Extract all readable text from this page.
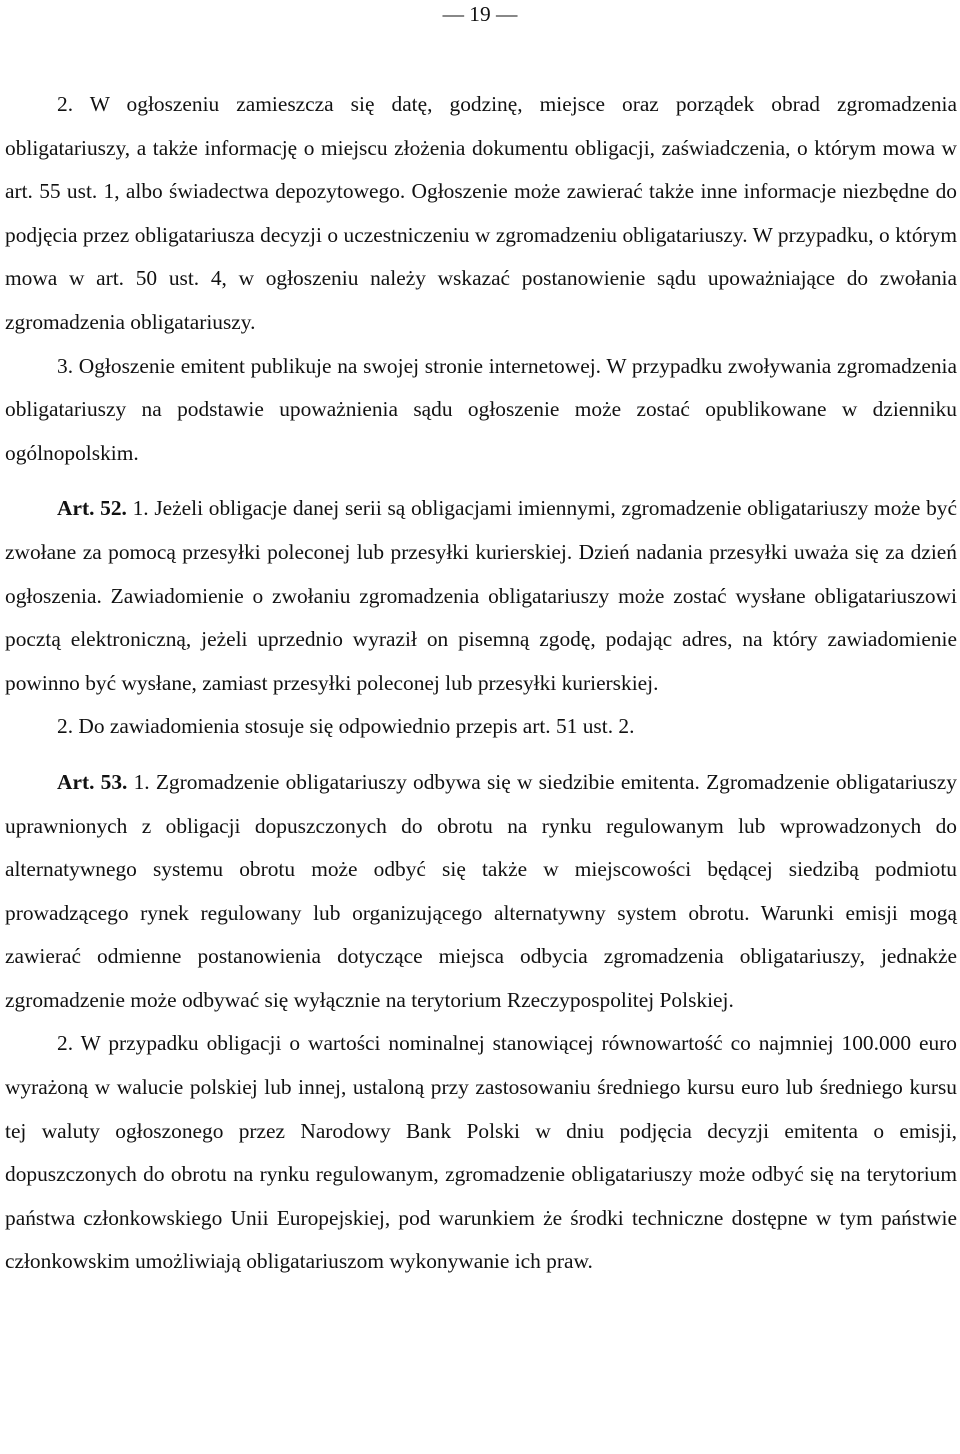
— 19 —

2. W ogłoszeniu zamieszcza się datę, godzinę, miejsce oraz porządek obrad zgromadzenia obligatariuszy, a także informację o miejscu złożenia dokumentu obligacji, zaświadczenia, o którym mowa w art. 55 ust. 1, albo świadectwa depozytowego. Ogłoszenie może zawierać także inne informacje niezbędne do podjęcia przez obligatariusza decyzji o uczestniczeniu w zgromadzeniu obligatariuszy. W przypadku, o którym mowa w art. 50 ust. 4, w ogłoszeniu należy wskazać postanowienie sądu upoważniające do zwołania zgromadzenia obligatariuszy.

3. Ogłoszenie emitent publikuje na swojej stronie internetowej. W przypadku zwoływania zgromadzenia obligatariuszy na podstawie upoważnienia sądu ogłoszenie może zostać opublikowane w dzienniku ogólnopolskim.

Art. 52. 1. Jeżeli obligacje danej serii są obligacjami imiennymi, zgromadzenie obligatariuszy może być zwołane za pomocą przesyłki poleconej lub przesyłki kurierskiej. Dzień nadania przesyłki uważa się za dzień ogłoszenia. Zawiadomienie o zwołaniu zgromadzenia obligatariuszy może zostać wysłane obligatariuszowi pocztą elektroniczną, jeżeli uprzednio wyraził on pisemną zgodę, podając adres, na który zawiadomienie powinno być wysłane, zamiast przesyłki poleconej lub przesyłki kurierskiej.

2. Do zawiadomienia stosuje się odpowiednio przepis art. 51 ust. 2.

Art. 53. 1. Zgromadzenie obligatariuszy odbywa się w siedzibie emitenta. Zgromadzenie obligatariuszy uprawnionych z obligacji dopuszczonych do obrotu na rynku regulowanym lub wprowadzonych do alternatywnego systemu obrotu może odbyć się także w miejscowości będącej siedzibą podmiotu prowadzącego rynek regulowany lub organizującego alternatywny system obrotu. Warunki emisji mogą zawierać odmienne postanowienia dotyczące miejsca odbycia zgromadzenia obligatariuszy, jednakże zgromadzenie może odbywać się wyłącznie na terytorium Rzeczypospolitej Polskiej.

2. W przypadku obligacji o wartości nominalnej stanowiącej równowartość co najmniej 100.000 euro wyrażoną w walucie polskiej lub innej, ustaloną przy zastosowaniu średniego kursu euro lub średniego kursu tej waluty ogłoszonego przez Narodowy Bank Polski w dniu podjęcia decyzji emitenta o emisji, dopuszczonych do obrotu na rynku regulowanym, zgromadzenie obligatariuszy może odbyć się na terytorium państwa członkowskiego Unii Europejskiej, pod warunkiem że środki techniczne dostępne w tym państwie członkowskim umożliwiają obligatariuszom wykonywanie ich praw.
